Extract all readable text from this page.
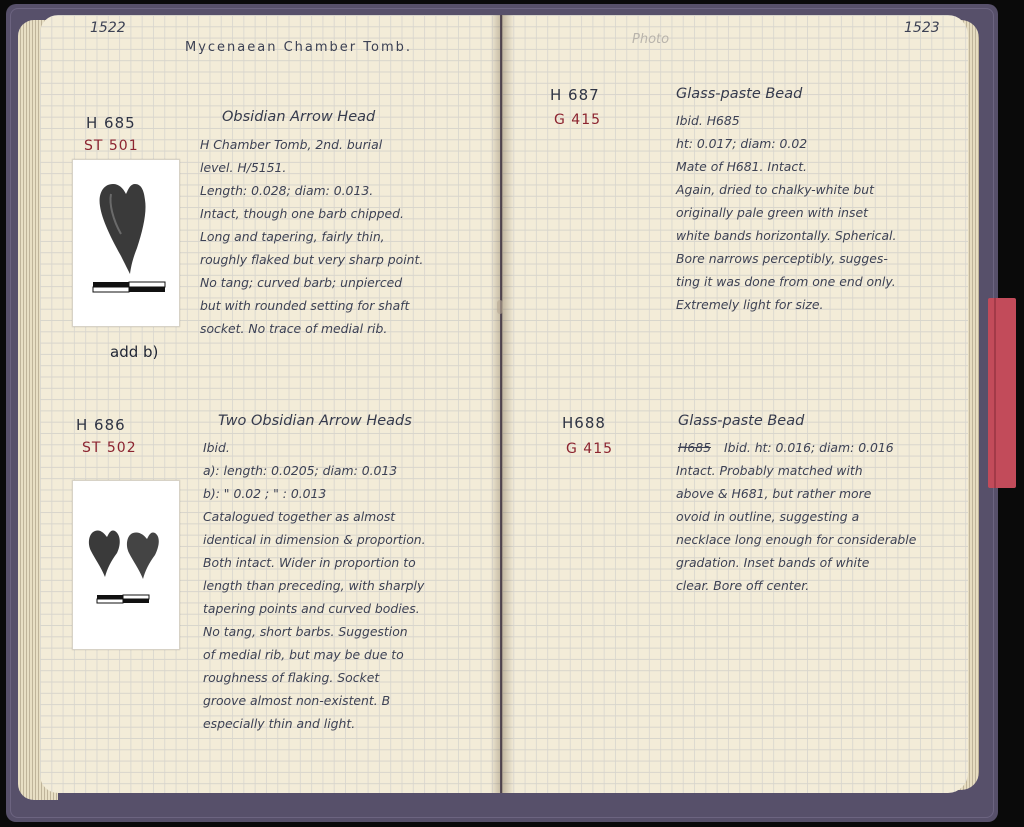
1522

Mycenaean Chamber Tomb.

H 685

ST 501

Obsidian Arrow Head

H Chamber Tomb, 2nd. burial
level. H/5151.
Length: 0.028; diam: 0.013.
Intact, though one barb chipped.
Long and tapering, fairly thin,
roughly flaked but very sharp point.
No tang; curved barb; unpierced
but with rounded setting for shaft
socket. No trace of medial rib.

add b)

H 686

ST 502

Two Obsidian Arrow Heads

Ibid.
a): length: 0.0205; diam: 0.013
b): " 0.02 ; " : 0.013
Catalogued together as almost
identical in dimension & proportion.
Both intact. Wider in proportion to
length than preceding, with sharply
tapering points and curved bodies.
No tang, short barbs. Suggestion
of medial rib, but may be due to
roughness of flaking. Socket
groove almost non-existent. B
especially thin and light.

1523

Photo

H 687

G 415

Glass-paste Bead

Ibid. H685
ht: 0.017; diam: 0.02
Mate of H681. Intact.
Again, dried to chalky-white but
originally pale green with inset
white bands horizontally. Spherical.
Bore narrows perceptibly, sugges-
ting it was done from one end only.
Extremely light for size.

H688

G 415

Glass-paste Bead

H685	Ibid. ht: 0.016; diam: 0.016
Intact. Probably matched with
above & H681, but rather more
ovoid in outline, suggesting a
necklace long enough for considerable
gradation. Inset bands of white
clear. Bore off center.
